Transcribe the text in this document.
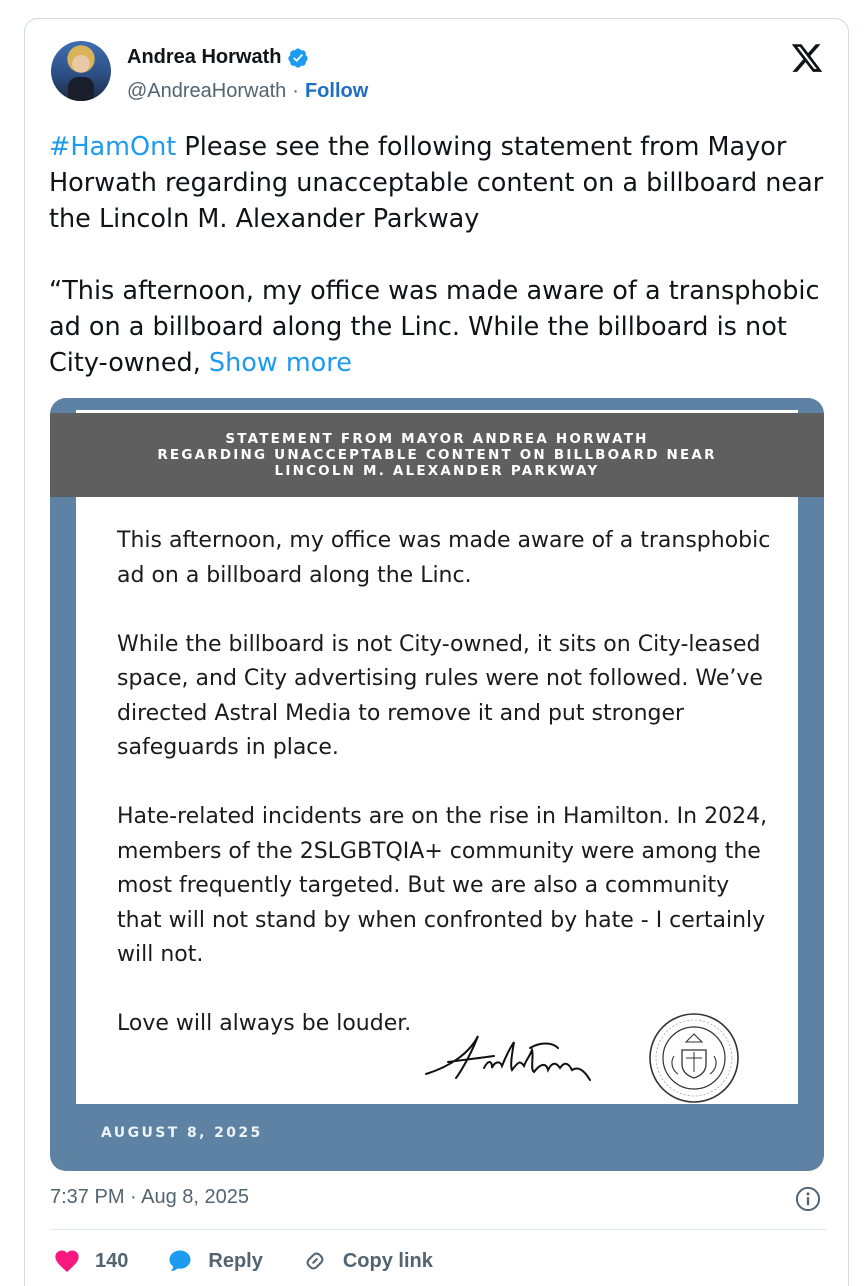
Andrea Horwath
@AndreaHorwath · Follow

#HamOnt Please see the following statement from Mayor Horwath regarding unacceptable content on a billboard near the Lincoln M. Alexander Parkway

“This afternoon, my office was made aware of a transphobic ad on a billboard along the Linc. While the billboard is not City-owned, Show more

STATEMENT FROM MAYOR ANDREA HORWATH
REGARDING UNACCEPTABLE CONTENT ON BILLBOARD NEAR
LINCOLN M. ALEXANDER PARKWAY

This afternoon, my office was made aware of a transphobic ad on a billboard along the Linc.

While the billboard is not City-owned, it sits on City-leased space, and City advertising rules were not followed. We’ve directed Astral Media to remove it and put stronger safeguards in place.

Hate-related incidents are on the rise in Hamilton. In 2024, members of the 2SLGBTQIA+ community were among the most frequently targeted. But we are also a community that will not stand by when confronted by hate - I certainly will not.

Love will always be louder.

AUGUST 8, 2025
7:37 PM · Aug 8, 2025
140	Reply	Copy link
